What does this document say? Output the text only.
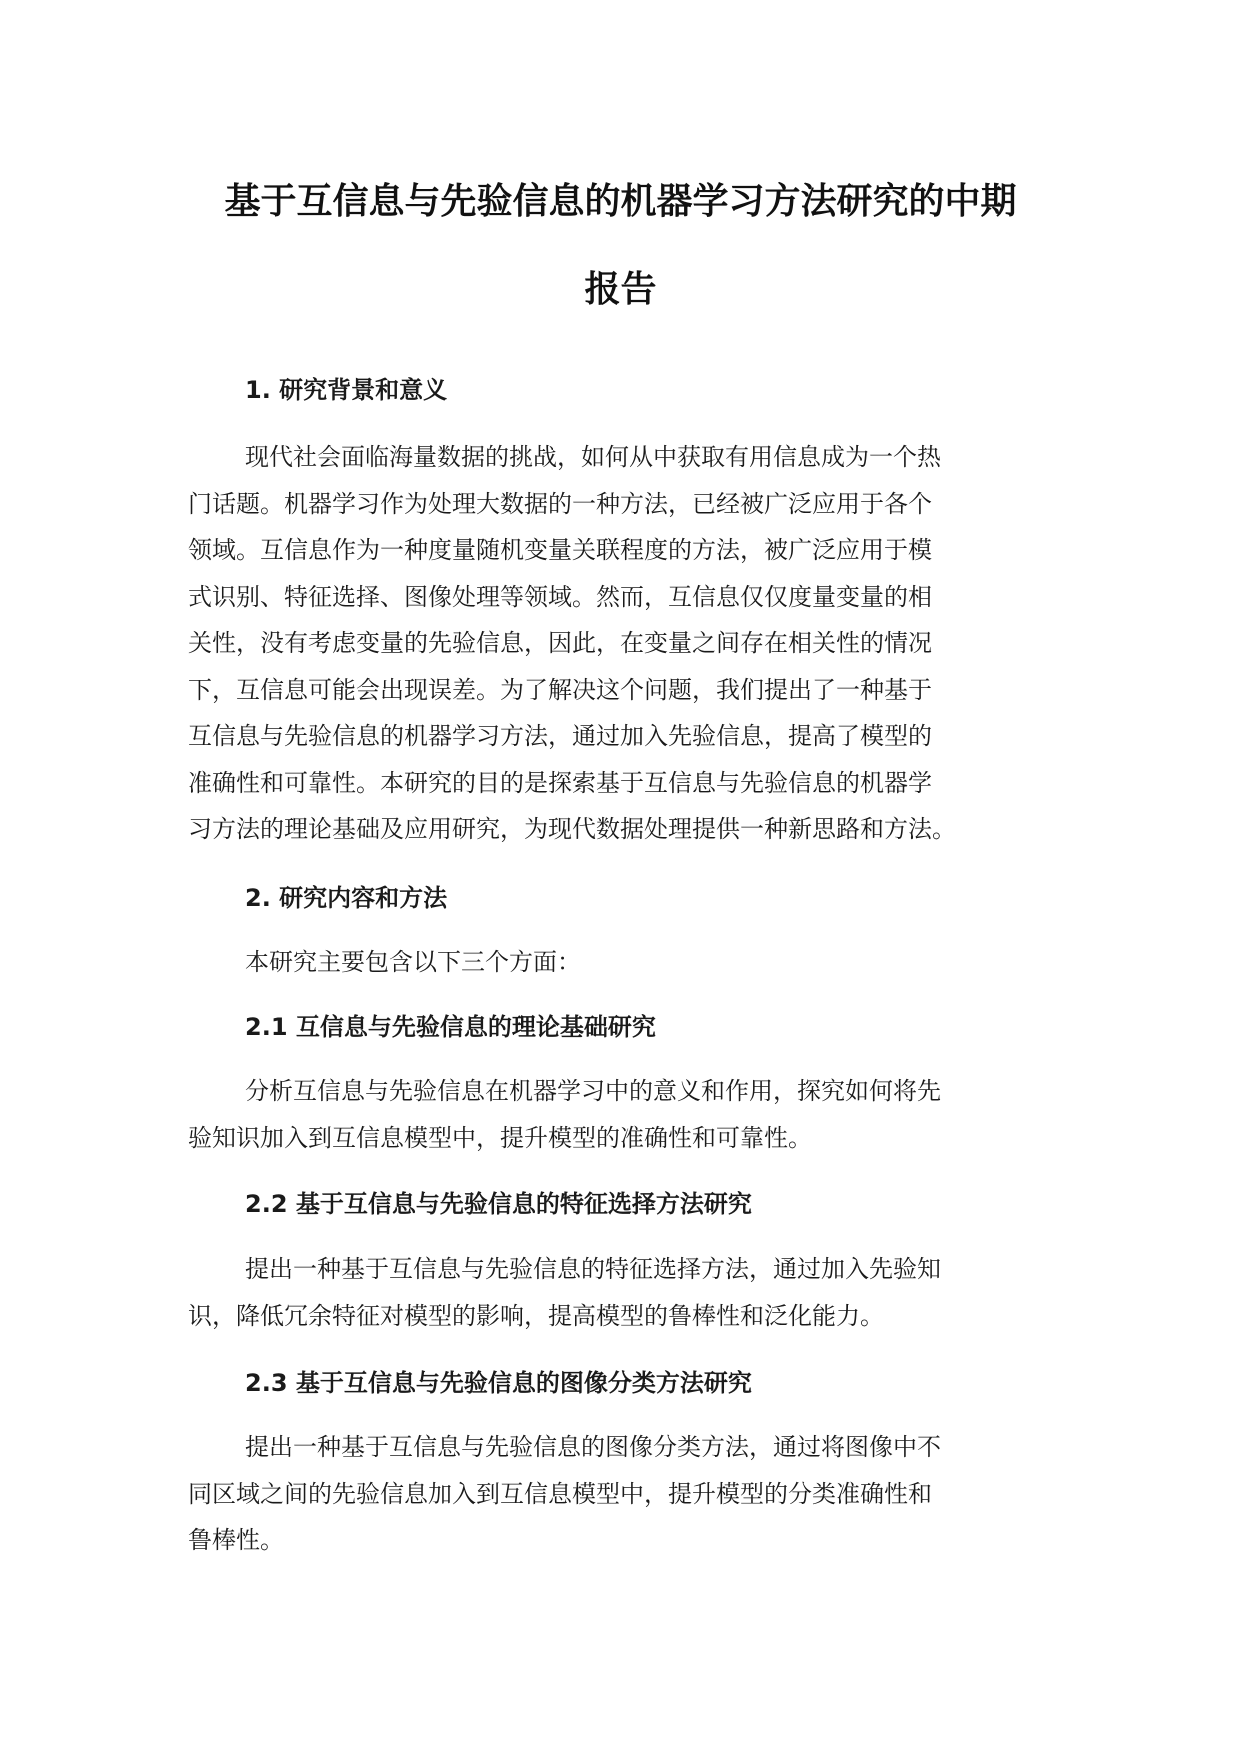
基于互信息与先验信息的机器学习方法研究的中期
报告
1. 研究背景和意义
现代社会面临海量数据的挑战，如何从中获取有用信息成为一个热
门话题。机器学习作为处理大数据的一种方法，已经被广泛应用于各个
领域。互信息作为一种度量随机变量关联程度的方法，被广泛应用于模
式识别、特征选择、图像处理等领域。然而，互信息仅仅度量变量的相
关性，没有考虑变量的先验信息，因此，在变量之间存在相关性的情况
下，互信息可能会出现误差。为了解决这个问题，我们提出了一种基于
互信息与先验信息的机器学习方法，通过加入先验信息，提高了模型的
准确性和可靠性。本研究的目的是探索基于互信息与先验信息的机器学
习方法的理论基础及应用研究，为现代数据处理提供一种新思路和方法。
2. 研究内容和方法

本研究主要包含以下三个方面：

2.1 互信息与先验信息的理论基础研究
分析互信息与先验信息在机器学习中的意义和作用，探究如何将先
验知识加入到互信息模型中，提升模型的准确性和可靠性。
2.2 基于互信息与先验信息的特征选择方法研究
提出一种基于互信息与先验信息的特征选择方法，通过加入先验知
识，降低冗余特征对模型的影响，提高模型的鲁棒性和泛化能力。
2.3 基于互信息与先验信息的图像分类方法研究
提出一种基于互信息与先验信息的图像分类方法，通过将图像中不
同区域之间的先验信息加入到互信息模型中，提升模型的分类准确性和
鲁棒性。
